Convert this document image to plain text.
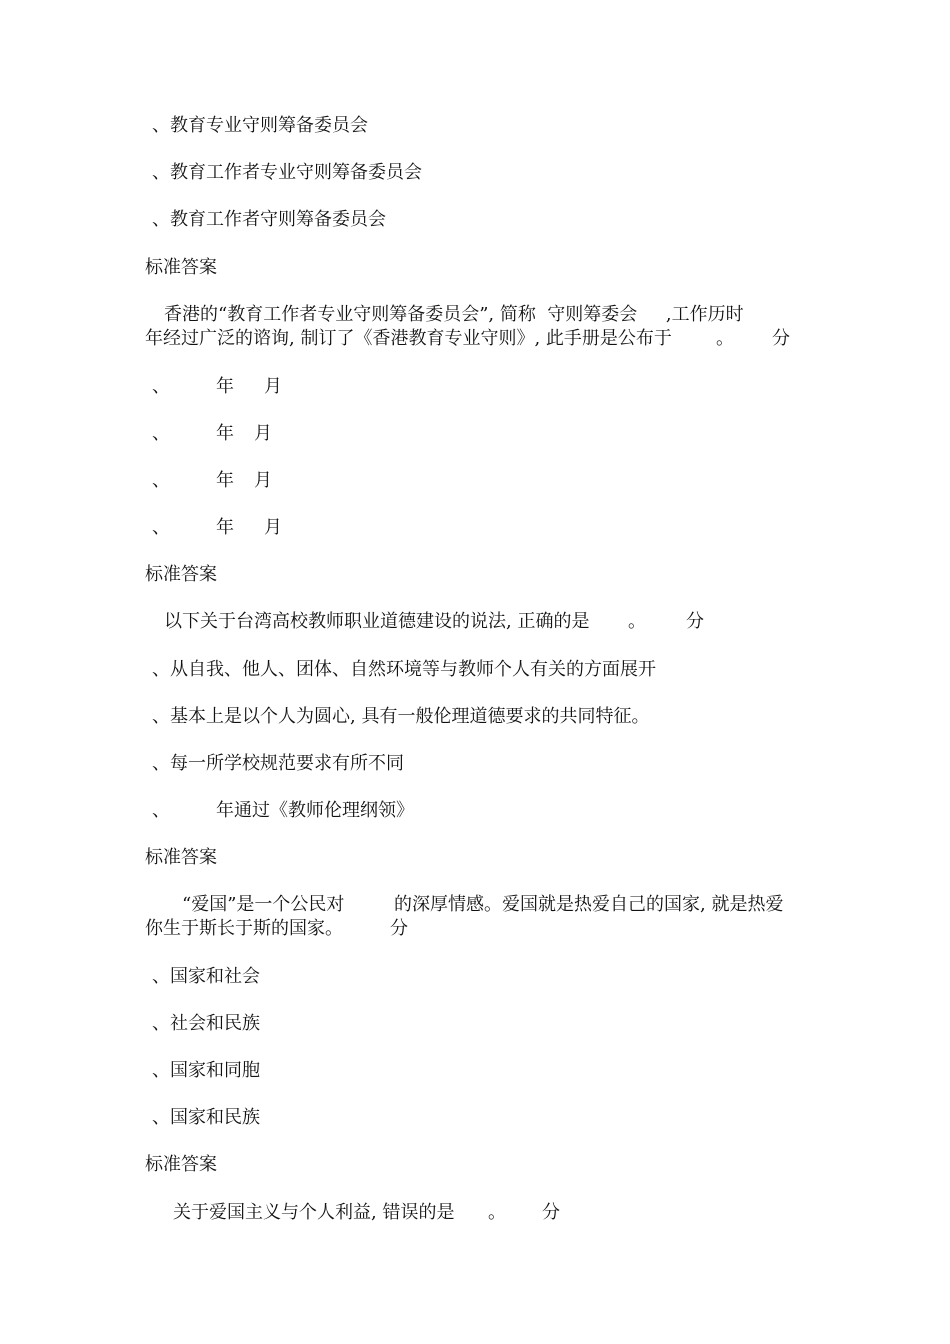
、教育专业守则筹备委员会
、教育工作者专业守则筹备委员会
、教育工作者守则筹备委员会
标准答案
香港的“教育工作者专业守则筹备委员会”, 简称  守则筹委会     ,工作历时
年经过广泛的谘询, 制订了《香港教育专业守则》, 此手册是公布于 。 分
、	年 月
、	年 月
、	年 月
、	年 月
标准答案
以下关于台湾高校教师职业道德建设的说法, 正确的是 。 分
、从自我、他人、团体、自然环境等与教师个人有关的方面展开
、基本上是以个人为圆心, 具有一般伦理道德要求的共同特征。
、每一所学校规范要求有所不同
、	年通过《教师伦理纲领》
标准答案
“爱国”是一个公民对	的深厚情感。爱国就是热爱自己的国家, 就是热爱
你生于斯长于斯的国家。	分
、国家和社会
、社会和民族
、国家和同胞
、国家和民族
标准答案
关于爱国主义与个人利益, 错误的是 。 分
